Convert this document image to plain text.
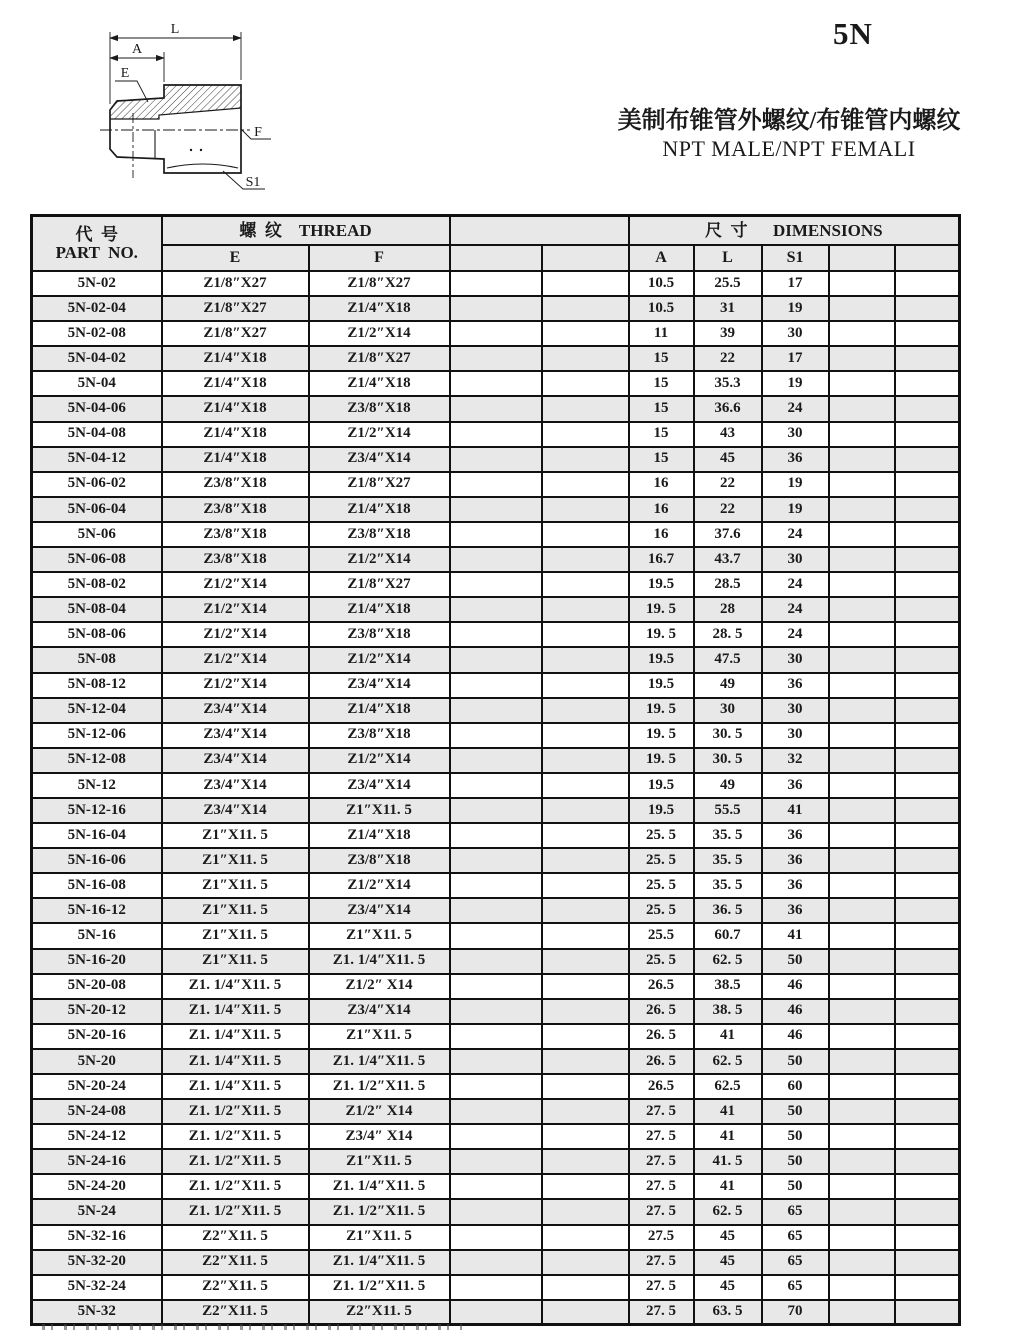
5N
美制布锥管外螺纹/布锥管内螺纹
NPT MALE/NPT FEMALI
L
A
E
F
S1
代  号
PART  NO.	螺  纹    THREAD				尺  寸      DIMENSIONS				
	E	F			A	L	S1		
5N-02	Z1/8″X27	Z1/8″X27			10.5	25.5	17		
5N-02-04	Z1/8″X27	Z1/4″X18			10.5	31	19		
5N-02-08	Z1/8″X27	Z1/2″X14			11	39	30		
5N-04-02	Z1/4″X18	Z1/8″X27			15	22	17		
5N-04	Z1/4″X18	Z1/4″X18			15	35.3	19		
5N-04-06	Z1/4″X18	Z3/8″X18			15	36.6	24		
5N-04-08	Z1/4″X18	Z1/2″X14			15	43	30		
5N-04-12	Z1/4″X18	Z3/4″X14			15	45	36		
5N-06-02	Z3/8″X18	Z1/8″X27			16	22	19		
5N-06-04	Z3/8″X18	Z1/4″X18			16	22	19		
5N-06	Z3/8″X18	Z3/8″X18			16	37.6	24		
5N-06-08	Z3/8″X18	Z1/2″X14			16.7	43.7	30		
5N-08-02	Z1/2″X14	Z1/8″X27			19.5	28.5	24		
5N-08-04	Z1/2″X14	Z1/4″X18			19. 5	28	24		
5N-08-06	Z1/2″X14	Z3/8″X18			19. 5	28. 5	24		
5N-08	Z1/2″X14	Z1/2″X14			19.5	47.5	30		
5N-08-12	Z1/2″X14	Z3/4″X14			19.5	49	36		
5N-12-04	Z3/4″X14	Z1/4″X18			19. 5	30	30		
5N-12-06	Z3/4″X14	Z3/8″X18			19. 5	30. 5	30		
5N-12-08	Z3/4″X14	Z1/2″X14			19. 5	30. 5	32		
5N-12	Z3/4″X14	Z3/4″X14			19.5	49	36		
5N-12-16	Z3/4″X14	Z1″X11. 5			19.5	55.5	41		
5N-16-04	Z1″X11. 5	Z1/4″X18			25. 5	35. 5	36		
5N-16-06	Z1″X11. 5	Z3/8″X18			25. 5	35. 5	36		
5N-16-08	Z1″X11. 5	Z1/2″X14			25. 5	35. 5	36		
5N-16-12	Z1″X11. 5	Z3/4″X14			25. 5	36. 5	36		
5N-16	Z1″X11. 5	Z1″X11. 5			25.5	60.7	41		
5N-16-20	Z1″X11. 5	Z1. 1/4″X11. 5			25. 5	62. 5	50		
5N-20-08	Z1. 1/4″X11. 5	Z1/2″ X14			26.5	38.5	46		
5N-20-12	Z1. 1/4″X11. 5	Z3/4″X14			26. 5	38. 5	46		
5N-20-16	Z1. 1/4″X11. 5	Z1″X11. 5			26. 5	41	46		
5N-20	Z1. 1/4″X11. 5	Z1. 1/4″X11. 5			26. 5	62. 5	50		
5N-20-24	Z1. 1/4″X11. 5	Z1. 1/2″X11. 5			26.5	62.5	60		
5N-24-08	Z1. 1/2″X11. 5	Z1/2″ X14			27. 5	41	50		
5N-24-12	Z1. 1/2″X11. 5	Z3/4″ X14			27. 5	41	50		
5N-24-16	Z1. 1/2″X11. 5	Z1″X11. 5			27. 5	41. 5	50		
5N-24-20	Z1. 1/2″X11. 5	Z1. 1/4″X11. 5			27. 5	41	50		
5N-24	Z1. 1/2″X11. 5	Z1. 1/2″X11. 5			27. 5	62. 5	65		
5N-32-16	Z2″X11. 5	Z1″X11. 5			27.5	45	65		
5N-32-20	Z2″X11. 5	Z1. 1/4″X11. 5			27. 5	45	65		
5N-32-24	Z2″X11. 5	Z1. 1/2″X11. 5			27. 5	45	65		
5N-32	Z2″X11. 5	Z2″X11. 5			27. 5	63. 5	70		
